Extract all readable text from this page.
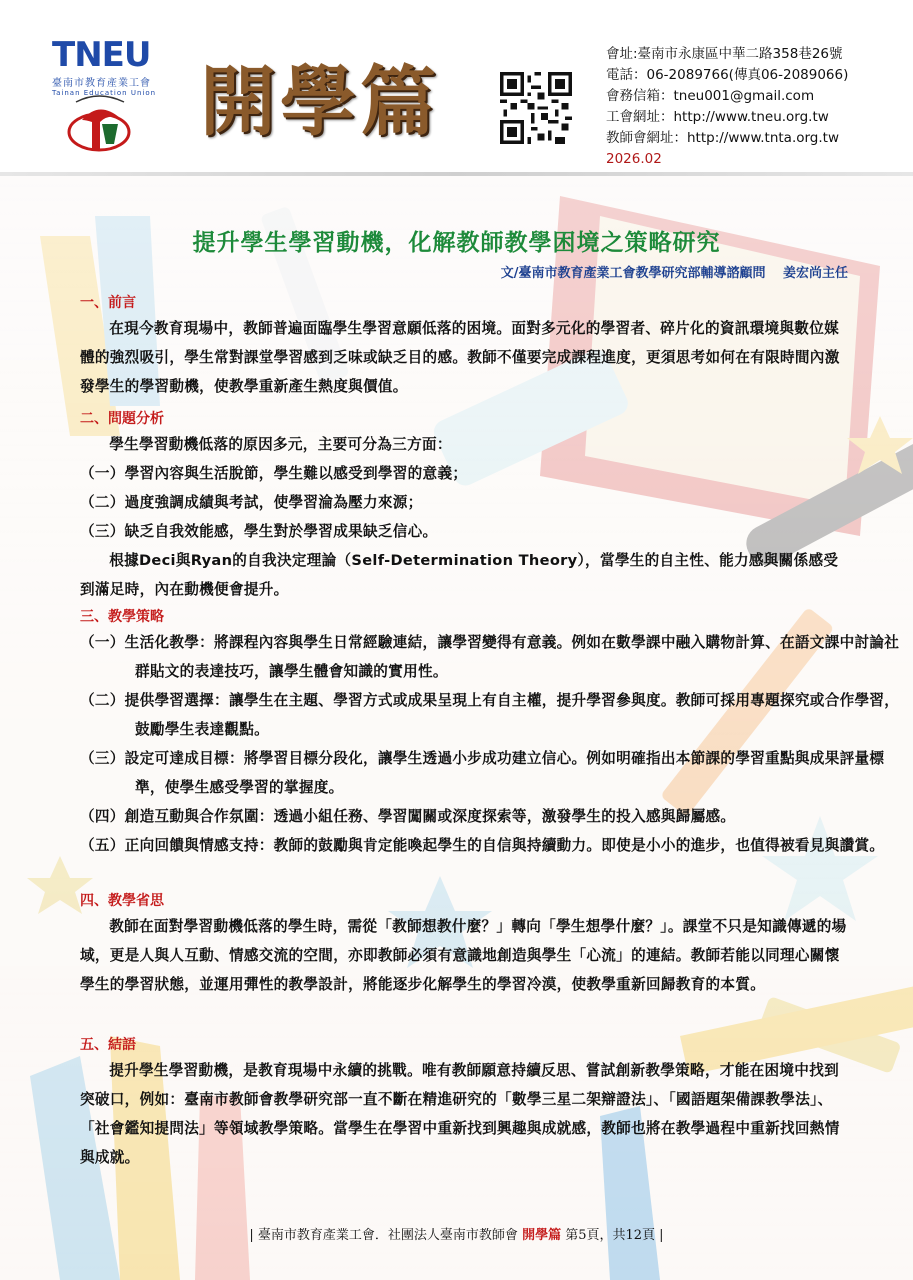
TNEU
臺南市教育產業工會
Tainan Education Union 開學篇
會址:臺南市永康區中華二路358巷26號
電話：06-2089766(傳真06-2089066)
會務信箱：tneu001@gmail.com
工會網址：http://www.tneu.org.tw
教師會網址：http://www.tnta.org.tw
2026.02
提升學生學習動機，化解教師教學困境之策略研究
文/臺南市教育產業工會教學研究部輔導諮顧問　 姜宏尚主任
一、前言
在現今教育現場中，教師普遍面臨學生學習意願低落的困境。面對多元化的學習者、碎片化的資訊環境與數位媒體的強烈吸引，學生常對課堂學習感到乏味或缺乏目的感。教師不僅要完成課程進度，更須思考如何在有限時間內激發學生的學習動機，使教學重新產生熱度與價值。
二、問題分析
學生學習動機低落的原因多元，主要可分為三方面：
（一）學習內容與生活脫節，學生難以感受到學習的意義；
（二）過度強調成績與考試，使學習淪為壓力來源；
（三）缺乏自我效能感，學生對於學習成果缺乏信心。
根據Deci與Ryan的自我決定理論（Self-Determination Theory），當學生的自主性、能力感與關係感受到滿足時，內在動機便會提升。
三、教學策略
（一）生活化教學：將課程內容與學生日常經驗連結，讓學習變得有意義。例如在數學課中融入購物計算、在語文課中討論社群貼文的表達技巧，讓學生體會知識的實用性。
（二）提供學習選擇：讓學生在主題、學習方式或成果呈現上有自主權，提升學習參與度。教師可採用專題探究或合作學習，鼓勵學生表達觀點。
（三）設定可達成目標：將學習目標分段化，讓學生透過小步成功建立信心。例如明確指出本節課的學習重點與成果評量標準，使學生感受學習的掌握度。
（四）創造互動與合作氛圍：透過小組任務、學習闖關或深度探索等，激發學生的投入感與歸屬感。
（五）正向回饋與情感支持：教師的鼓勵與肯定能喚起學生的自信與持續動力。即使是小小的進步，也值得被看見與讚賞。
四、教學省思
教師在面對學習動機低落的學生時，需從「教師想教什麼？」轉向「學生想學什麼？」。課堂不只是知識傳遞的場域，更是人與人互動、情感交流的空間，亦即教師必須有意識地創造與學生「心流」的連結。教師若能以同理心關懷學生的學習狀態，並運用彈性的教學設計，將能逐步化解學生的學習冷漠，使教學重新回歸教育的本質。
五、結語
提升學生學習動機，是教育現場中永續的挑戰。唯有教師願意持續反思、嘗試創新教學策略，才能在困境中找到突破口，例如：臺南市教師會教學研究部一直不斷在精進研究的「數學三星二架辯證法」、「國語題架備課教學法」、「社會鑑知提問法」等領域教學策略。當學生在學習中重新找到興趣與成就感，教師也將在教學過程中重新找回熱情與成就。
| 臺南市教育產業工會．社團法人臺南市教師會 開學篇 第5頁，共12頁 |
